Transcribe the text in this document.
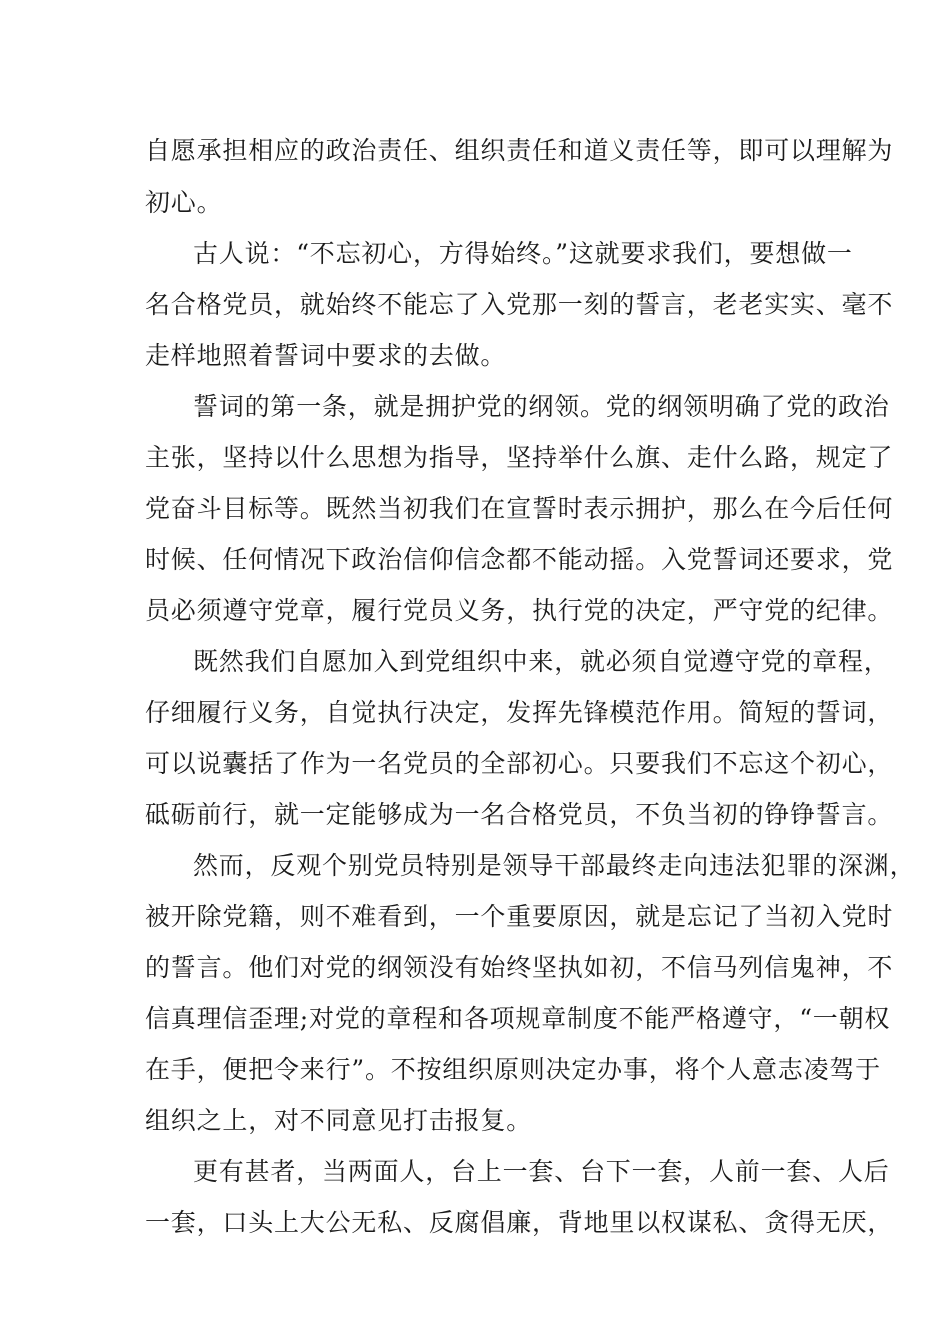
自愿承担相应的政治责任、组织责任和道义责任等，即可以理解为
初心。
古人说：“不忘初心，方得始终。”这就要求我们，要想做一
名合格党员，就始终不能忘了入党那一刻的誓言，老老实实、毫不
走样地照着誓词中要求的去做。
誓词的第一条，就是拥护党的纲领。党的纲领明确了党的政治
主张，坚持以什么思想为指导，坚持举什么旗、走什么路，规定了
党奋斗目标等。既然当初我们在宣誓时表示拥护，那么在今后任何
时候、任何情况下政治信仰信念都不能动摇。入党誓词还要求，党
员必须遵守党章，履行党员义务，执行党的决定，严守党的纪律。
既然我们自愿加入到党组织中来，就必须自觉遵守党的章程，
仔细履行义务，自觉执行决定，发挥先锋模范作用。简短的誓词，
可以说囊括了作为一名党员的全部初心。只要我们不忘这个初心，
砥砺前行，就一定能够成为一名合格党员，不负当初的铮铮誓言。
然而，反观个别党员特别是领导干部最终走向违法犯罪的深渊，
被开除党籍，则不难看到，一个重要原因，就是忘记了当初入党时
的誓言。他们对党的纲领没有始终坚执如初，不信马列信鬼神，不
信真理信歪理;对党的章程和各项规章制度不能严格遵守，“一朝权
在手，便把令来行”。不按组织原则决定办事，将个人意志凌驾于
组织之上，对不同意见打击报复。
更有甚者，当两面人，台上一套、台下一套，人前一套、人后
一套，口头上大公无私、反腐倡廉，背地里以权谋私、贪得无厌，
